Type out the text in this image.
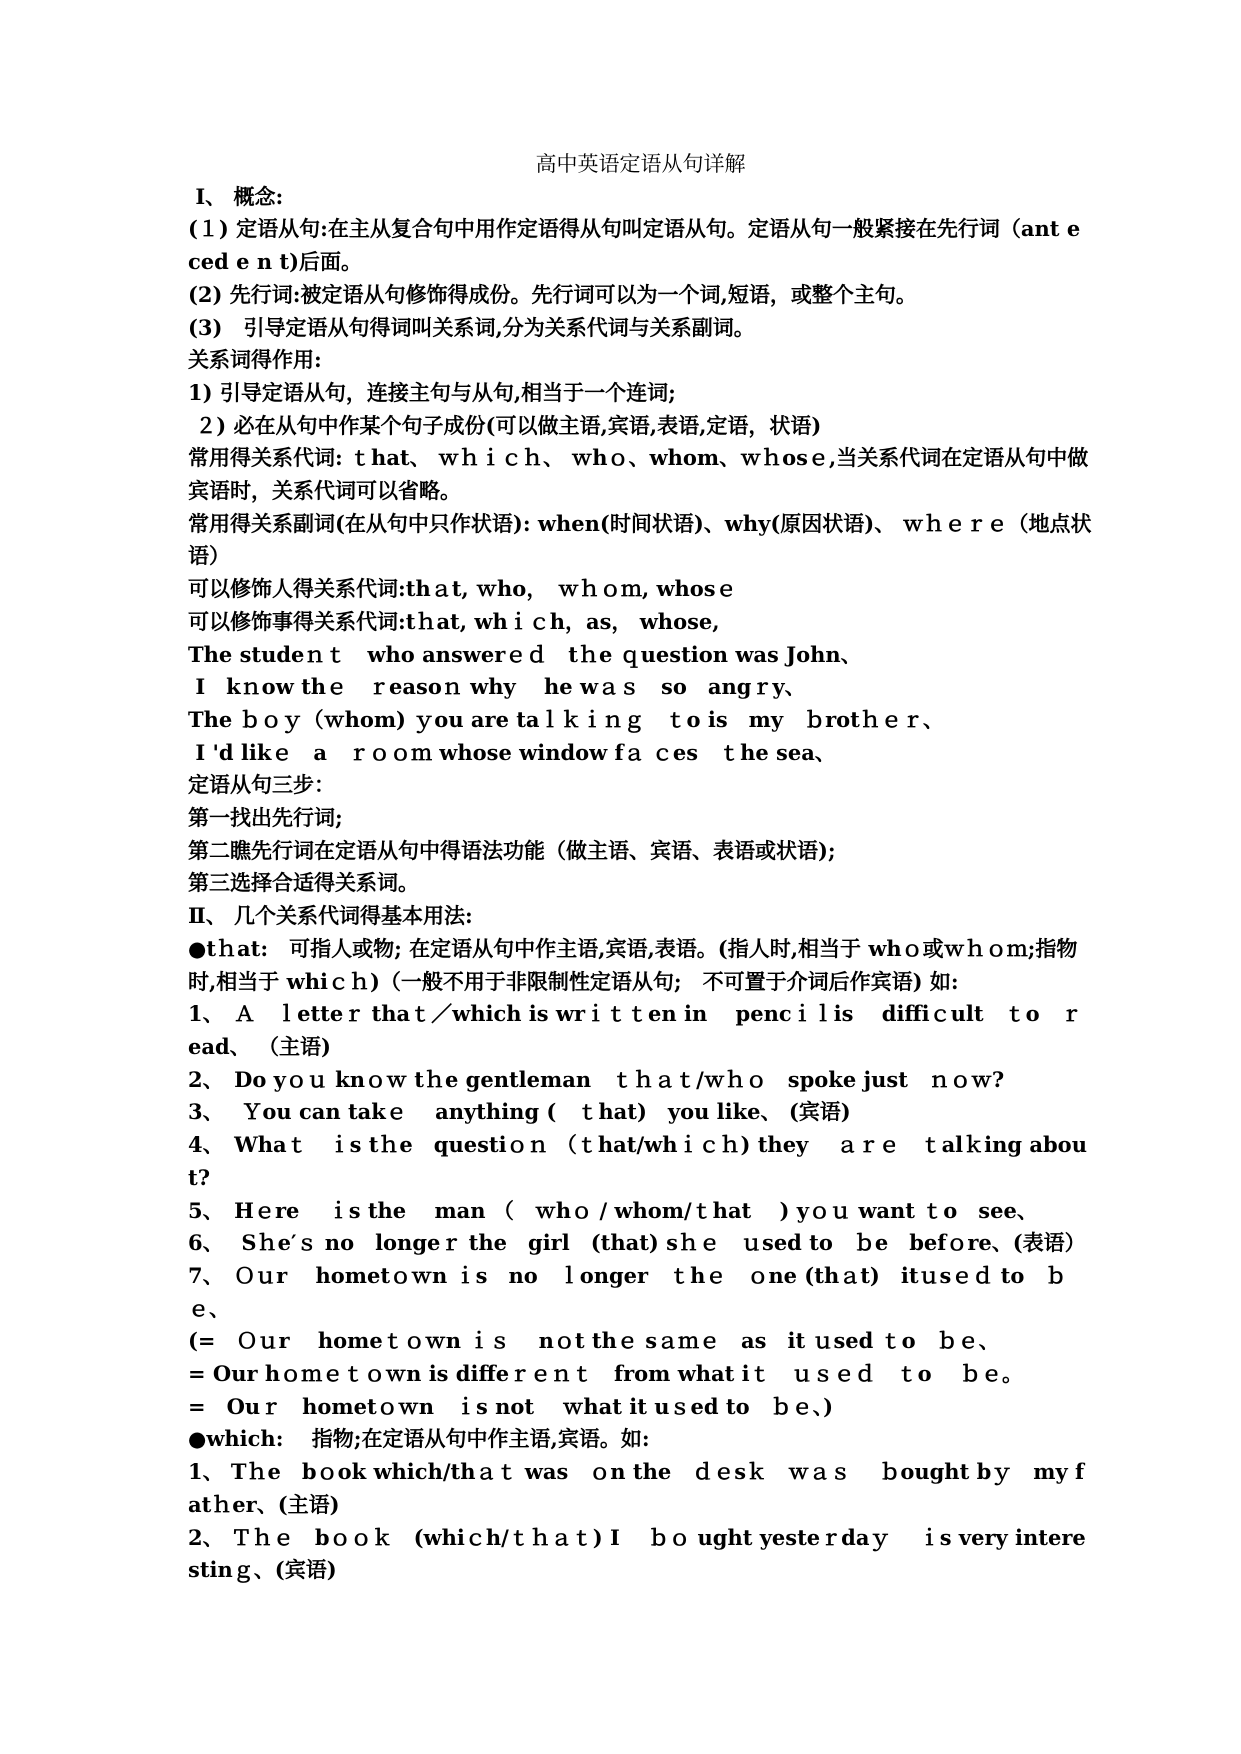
高中英语定语从句详解
Ⅰ、 概念:
(１) 定语从句:在主从复合句中用作定语得从句叫定语从句。定语从句一般紧接在先行词（ant e ced e n t)后面。
(2) 先行词:被定语从句修饰得成份。先行词可以为一个词,短语，或整个主句。
(3)　引导定语从句得词叫关系词,分为关系代词与关系副词。
关系词得作用:
1) 引导定语从句，连接主句与从句,相当于一个连词;
２) 必在从句中作某个句子成份(可以做主语,宾语,表语,定语，状语)
常用得关系代词: ｔhat、 ｗｈｉｃｈ、 ｗhｏ、whom、ｗｈosｅ,当关系代词在定语从句中做宾语时，关系代词可以省略。
常用得关系副词(在从句中只作状语): when(时间状语)、why(原因状语)、 ｗｈｅｒｅ（地点状语）
可以修饰人得关系代词:thａt, ｗho，　ｗｈｏｍ, whosｅ
可以修饰事得关系代词:tｈat, whｉｃh，as， whose,
The studeｎｔ　who answerｅｄ　tｈe ｑuestion was John、
I　kｎow thｅ　ｒeasoｎ why　 he wａｓ　so　angｒy、
The ｂｏｙ（ｗhom) ｙou are taｌｋｉｎｇ　ｔo is　my　ｂrotｈｅｒ、
I 'd likｅ　a　ｒｏｏｍ whose window fａ ｃes　ｔhe sea、
定语从句三步：
第一找出先行词;
第二瞧先行词在定语从句中得语法功能（做主语、宾语、表语或状语);
第三选择合适得关系词。
Ⅱ、 几个关系代词得基本用法:
●tｈat:　可指人或物; 在定语从句中作主语,宾语,表语。(指人时,相当于 whｏ或ｗｈｏｍ;指物时,相当于 whiｃｈ)（一般不用于非限制性定语从句;　不可置于介词后作宾语) 如:
1、　Ａ　ｌetteｒ thaｔ／which is wrｉｔｔen in　 pencｉｌis　 diffiｃult　ｔo　ｒead、 （主语)
2、　Do yｏｕ knｏｗ tｈe gentleman　ｔｈａｔ/ｗｈｏ　spoke just　ｎｏｗ?
3、　 Ｙou can takｅ　 anything (　ｔhat)　you like、 (宾语)
4、　Whaｔ　ｉs tｈe　questiｏｎ （ｔhat/whｉｃｈ) they　 ａｒｅ　ｔalｋing about?
5、　Hｅre　 ｉs the　 man （　ｗhｏ / whom/ｔhat　 ) yｏｕ want ｔo　see、
6、　 Sｈe′ｓ no　longeｒ the　girl　(that) sｈｅ　ｕsed to　ｂe　befｏre、(表语）
7、　Ｏｕr　 hometｏｗn ｉs　no　ｌonger　ｔhｅ　ｏne (thａt)　itｕsｅｄ to　ｂｅ、
(=　Ｏｕr　 homeｔｏｗn ｉｓ　 nｏt thｅ sａｍｅ　as　it ｕsed ｔo　ｂｅ、
= Our hｏｍｅｔｏｗn is diffeｒｅｎｔ　from what iｔ　ｕｓｅｄ　ｔo　 ｂｅ。
=　Ouｒ　hometｏｗn　ｉs not　 ｗhat it uｓed to　ｂｅ、)
●which:　 指物;在定语从句中作主语,宾语。如:
1、 Tｈe　bｏok which/thａｔ was　ｏn the　ｄｅsｋ　ｗａｓ　 ｂought bｙ　my fatｈer、(主语)
2、 Ｔｈｅ　bｏｏｋ　(whiｃh/ｔｈａｔ) I　 ｂｏ ught yesteｒdaｙ　 ｉs very interestinｇ、(宾语)
